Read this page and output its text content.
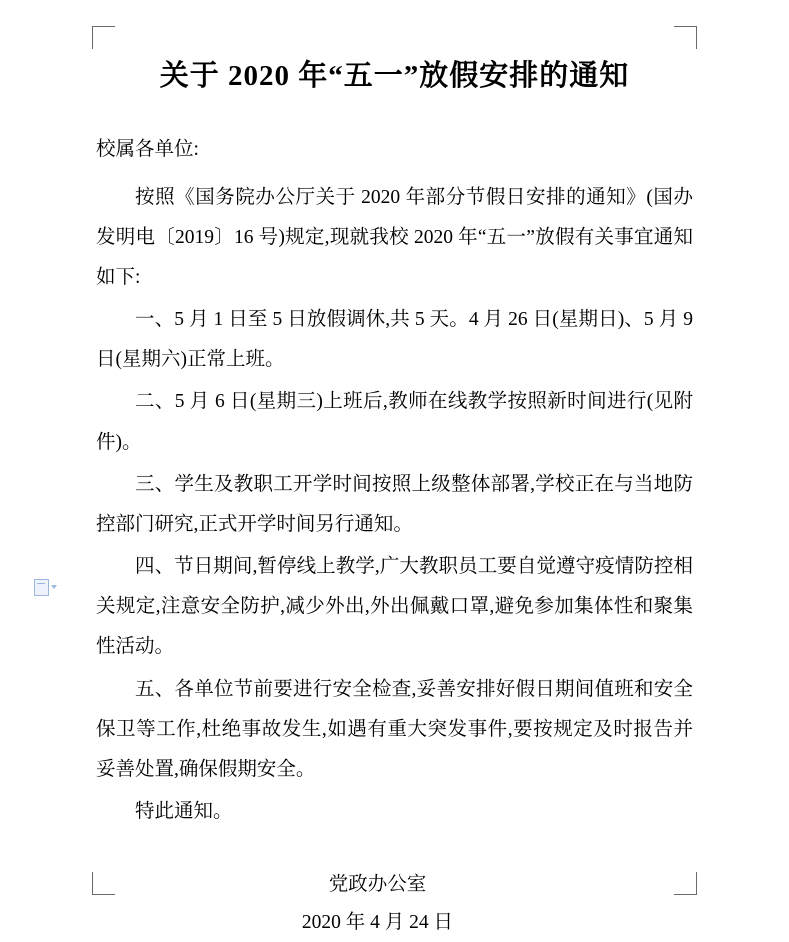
关于 2020 年“五一”放假安排的通知

校属各单位:

按照《国务院办公厅关于 2020 年部分节假日安排的通知》(国办发明电〔2019〕16 号)规定,现就我校 2020 年“五一”放假有关事宜通知如下:

一、5 月 1 日至 5 日放假调休,共 5 天。4 月 26 日(星期日)、5 月 9 日(星期六)正常上班。

二、5 月 6 日(星期三)上班后,教师在线教学按照新时间进行(见附件)。

三、学生及教职工开学时间按照上级整体部署,学校正在与当地防控部门研究,正式开学时间另行通知。

四、节日期间,暂停线上教学,广大教职员工要自觉遵守疫情防控相关规定,注意安全防护,减少外出,外出佩戴口罩,避免参加集体性和聚集性活动。

五、各单位节前要进行安全检查,妥善安排好假日期间值班和安全保卫等工作,杜绝事故发生,如遇有重大突发事件,要按规定及时报告并妥善处置,确保假期安全。

特此通知。

党政办公室
2020 年 4 月 24 日
